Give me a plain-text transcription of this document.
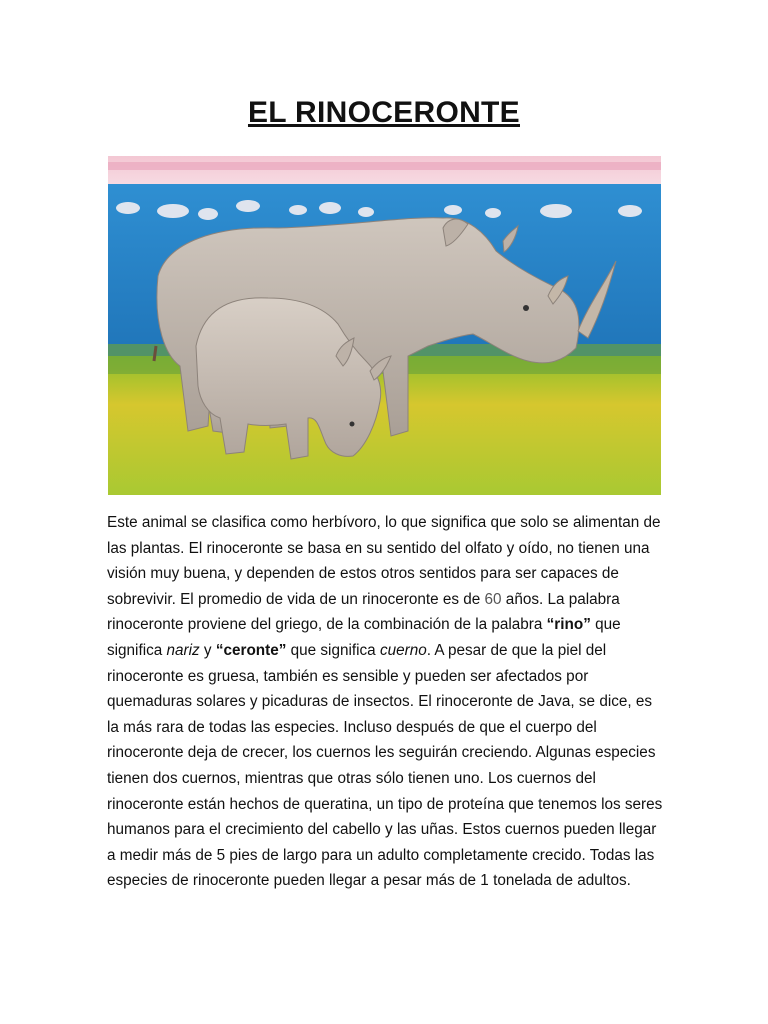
EL RINOCERONTE

Este animal se clasifica como herbívoro, lo que significa que solo se alimentan de las plantas. El rinoceronte se basa en su sentido del olfato y oído, no tienen una visión muy buena, y dependen de estos otros sentidos para ser capaces de sobrevivir. El promedio de vida de un rinoceronte es de 60 años. La palabra rinoceronte proviene del griego, de la combinación de la palabra “rino” que significa nariz y “ceronte” que significa cuerno. A pesar de que la piel del rinoceronte es gruesa, también es sensible y pueden ser afectados por quemaduras solares y picaduras de insectos. El rinoceronte de Java, se dice, es la más rara de todas las especies. Incluso después de que el cuerpo del rinoceronte deja de crecer, los cuernos les seguirán creciendo. Algunas especies tienen dos cuernos, mientras que otras sólo tienen uno. Los cuernos del rinoceronte están hechos de queratina, un tipo de proteína que tenemos los seres humanos para el crecimiento del cabello y las uñas. Estos cuernos pueden llegar a medir más de 5 pies de largo para un adulto completamente crecido. Todas las especies de rinoceronte pueden llegar a pesar más de 1 tonelada de adultos.
